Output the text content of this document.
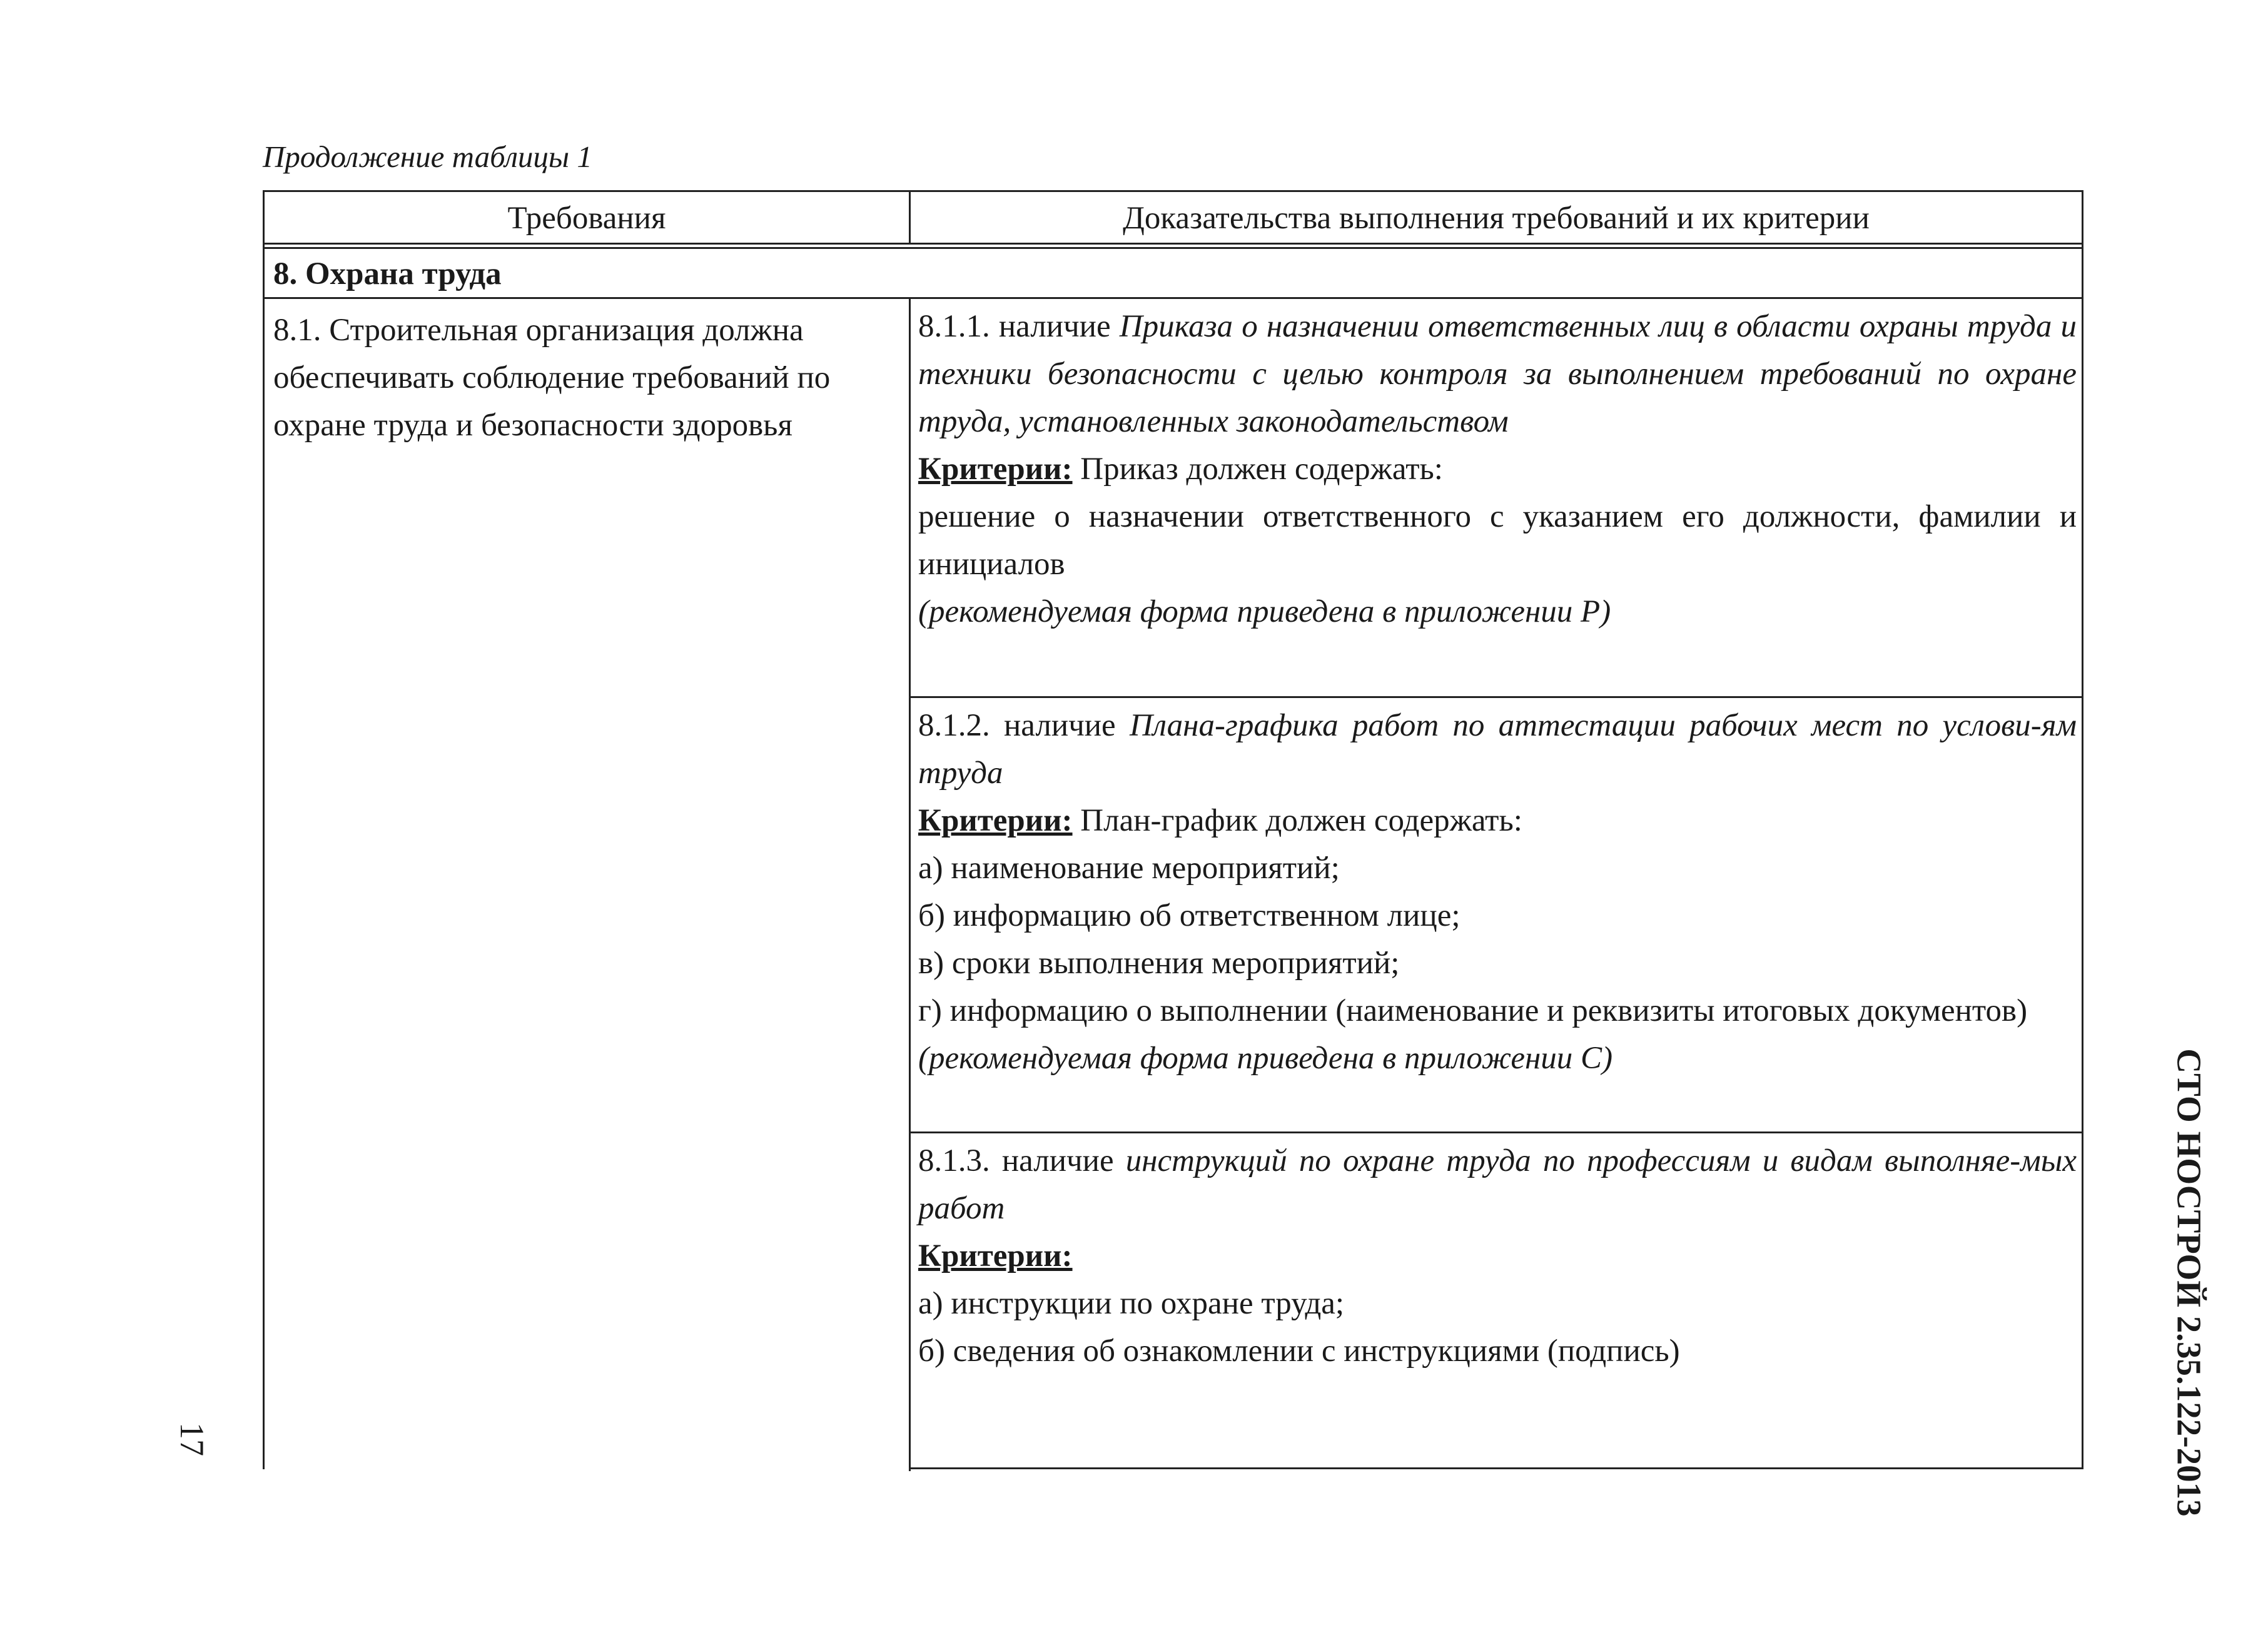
Продолжение таблицы 1
Требования	Доказательства выполнения требований и их критерии
8. Охрана труда
8.1. Строительная организация должна обеспечивать соблюдение требований по охране труда и безопасности здоровья

8.1.1. наличие Приказа о назначении ответственных лиц в области охраны труда и техники безопасности с целью контроля за выполнением требований по охране труда, установленных законодательством

Критерии: Приказ должен содержать:

решение о назначении ответственного с указанием его должности, фамилии и инициалов

(рекомендуемая форма приведена в приложении Р)

8.1.2. наличие Плана-графика работ по аттестации рабочих мест по услови-ям труда

Критерии: План-график должен содержать:

а) наименование мероприятий;

б) информацию об ответственном лице;

в) сроки выполнения мероприятий;

г) информацию о выполнении (наименование и реквизиты итоговых документов)

(рекомендуемая форма приведена в приложении С)

8.1.3. наличие инструкций по охране труда по профессиям и видам выполняе-мых работ

Критерии:

а) инструкции по охране труда;

б) сведения об ознакомлении с инструкциями (подпись)

17	СТО НОСТРОЙ 2.35.122-2013
